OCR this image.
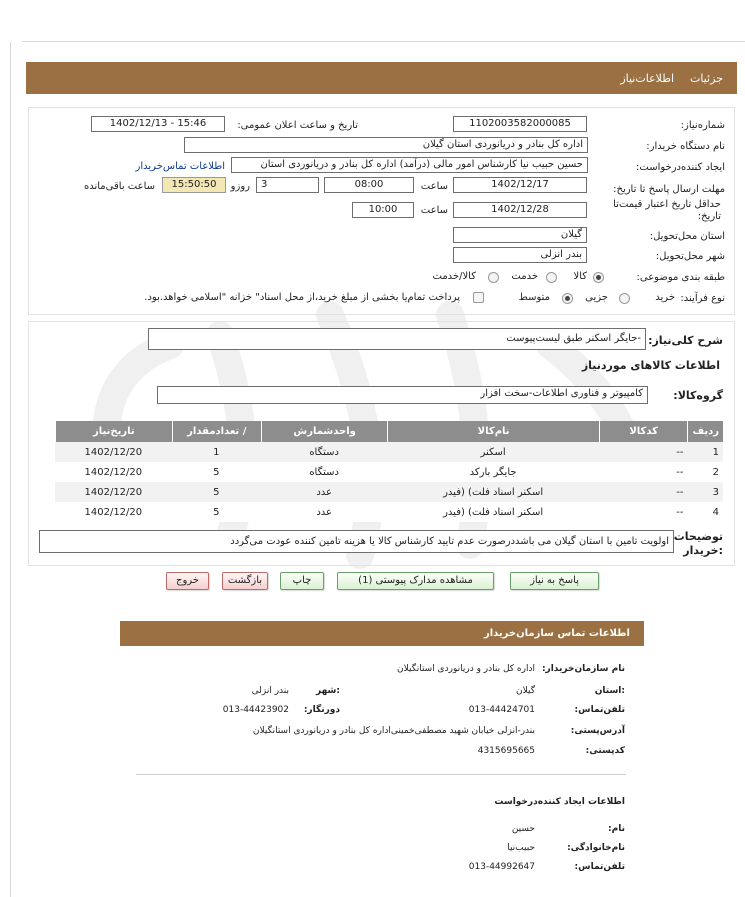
جزئیات
اطلاعات‌نیاز
شماره‌نیاز:
1102003582000085
تاریخ و ساعت اعلان عمومی:
1402/12/13 - 15:46
نام دستگاه‌ خریدار:
اداره کل بنادر و دریانوردی استان گیلان
ایجاد کننده‌درخواست:
حسین حبیب نیا کارشناس امور مالی (درآمد) اداره کل بنادر و دریانوردی استان
اطلاعات تماس‌خریدار
مهلت ارسال پاسخ تا تاریخ:
1402/12/17
ساعت
08:00
3
روزو
15:50:50
ساعت باقی‌مانده
حداقل تاریخ اعتبار قیمت‌تا
تاریخ:
1402/12/28
ساعت
10:00
استان محل‌تحویل:
گیلان
شهر محل‌تحویل:
بندر انزلی
طبقه بندی موضوعی:
کالا
خدمت
کالا/خدمت
نوع فرآیند:
خرید
جزیی
متوسط
پرداخت تمام‌یا بخشی از مبلغ خرید،از محل اسناد" خزانه "اسلامی خواهد‌.بود.
شرح کلی‌نیاز:
-جایگر اسکنر طبق لیست‌پیوست
اطلاعات کالاهای موردنیاز
گروه‌کالا:
کامپیوتر و فناوری اطلاعات-سخت افزار
ردیف	کدکالا	نام‌کالا	واحدشمارش	/ تعدادمقدار	تاریخ‌نیاز
1	--	اسکنر	دستگاه	1	1402/12/20
2	--	جایگر بارکد	دستگاه	5	1402/12/20
3	--	اسکنر اسناد فلت) (فیدر	عدد	5	1402/12/20
4	--	اسکنر اسناد فلت) (فیدر	عدد	5	1402/12/20
توضیحات
:خریدار
اولویت تامین با استان گیلان می باشددرصورت عدم تایید کارشناس کالا یا هزینه تامین کننده عودت می‌گردد
پاسخ به نیاز
مشاهده مدارک پیوستی (1)
چاپ
بازگشت
خروج
اطلاعات تماس سازمان‌خریدار
نام سازمان‌خریدار:
اداره کل بنادر و دریانوردی استانگیلان
:استان
گیلان
:شهر
بندر انزلی
تلفن‌تماس:
013-44424701
دورنگار:
013-44423902
آدرس‌پستی:
بندر-انزلی خیابان شهید مصطفی‌خمینی‌اداره کل بنادر و دریانوردی استانگیلان
کد‌پستی:
4315695665
اطلاعات ایجاد کننده‌درخواست
نام:
حسین
نام‌خانوادگی:
حبیب‌نیا
تلفن‌تماس:
013-44992647
